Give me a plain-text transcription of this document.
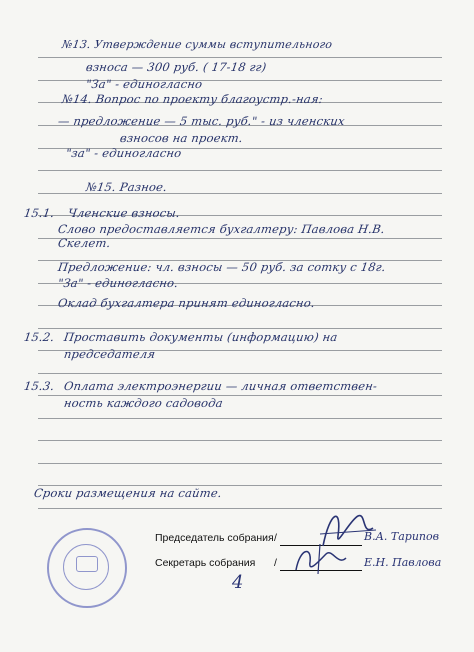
№13. Утверждение суммы вступительного
взноса — 300 руб. ( 17-18 гг)
"За" - единогласно
№14. Вопрос по проекту благоустр.-ная:
— предложение — 5 тыс. руб." - из членских
взносов на проект.
"за" - единогласно
№15. Разное.
15.1. Членские взносы.
Слово предоставляется бухгалтеру: Павлова Н.В.
Скелет.
Предложение: чл. взносы — 50 руб. за сотку с 18г.
"За" - единогласно.
Оклад бухгалтера принят единогласно.
15.2. Проставить документы (информацию) на
председателя
15.3. Оплата электроэнергии — личная ответствен-
ность каждого садовода
Сроки размещения на сайте.
Председатель собрания /	В.А. Тарипов
Секретарь собрания /	Е.Н. Павлова
4
